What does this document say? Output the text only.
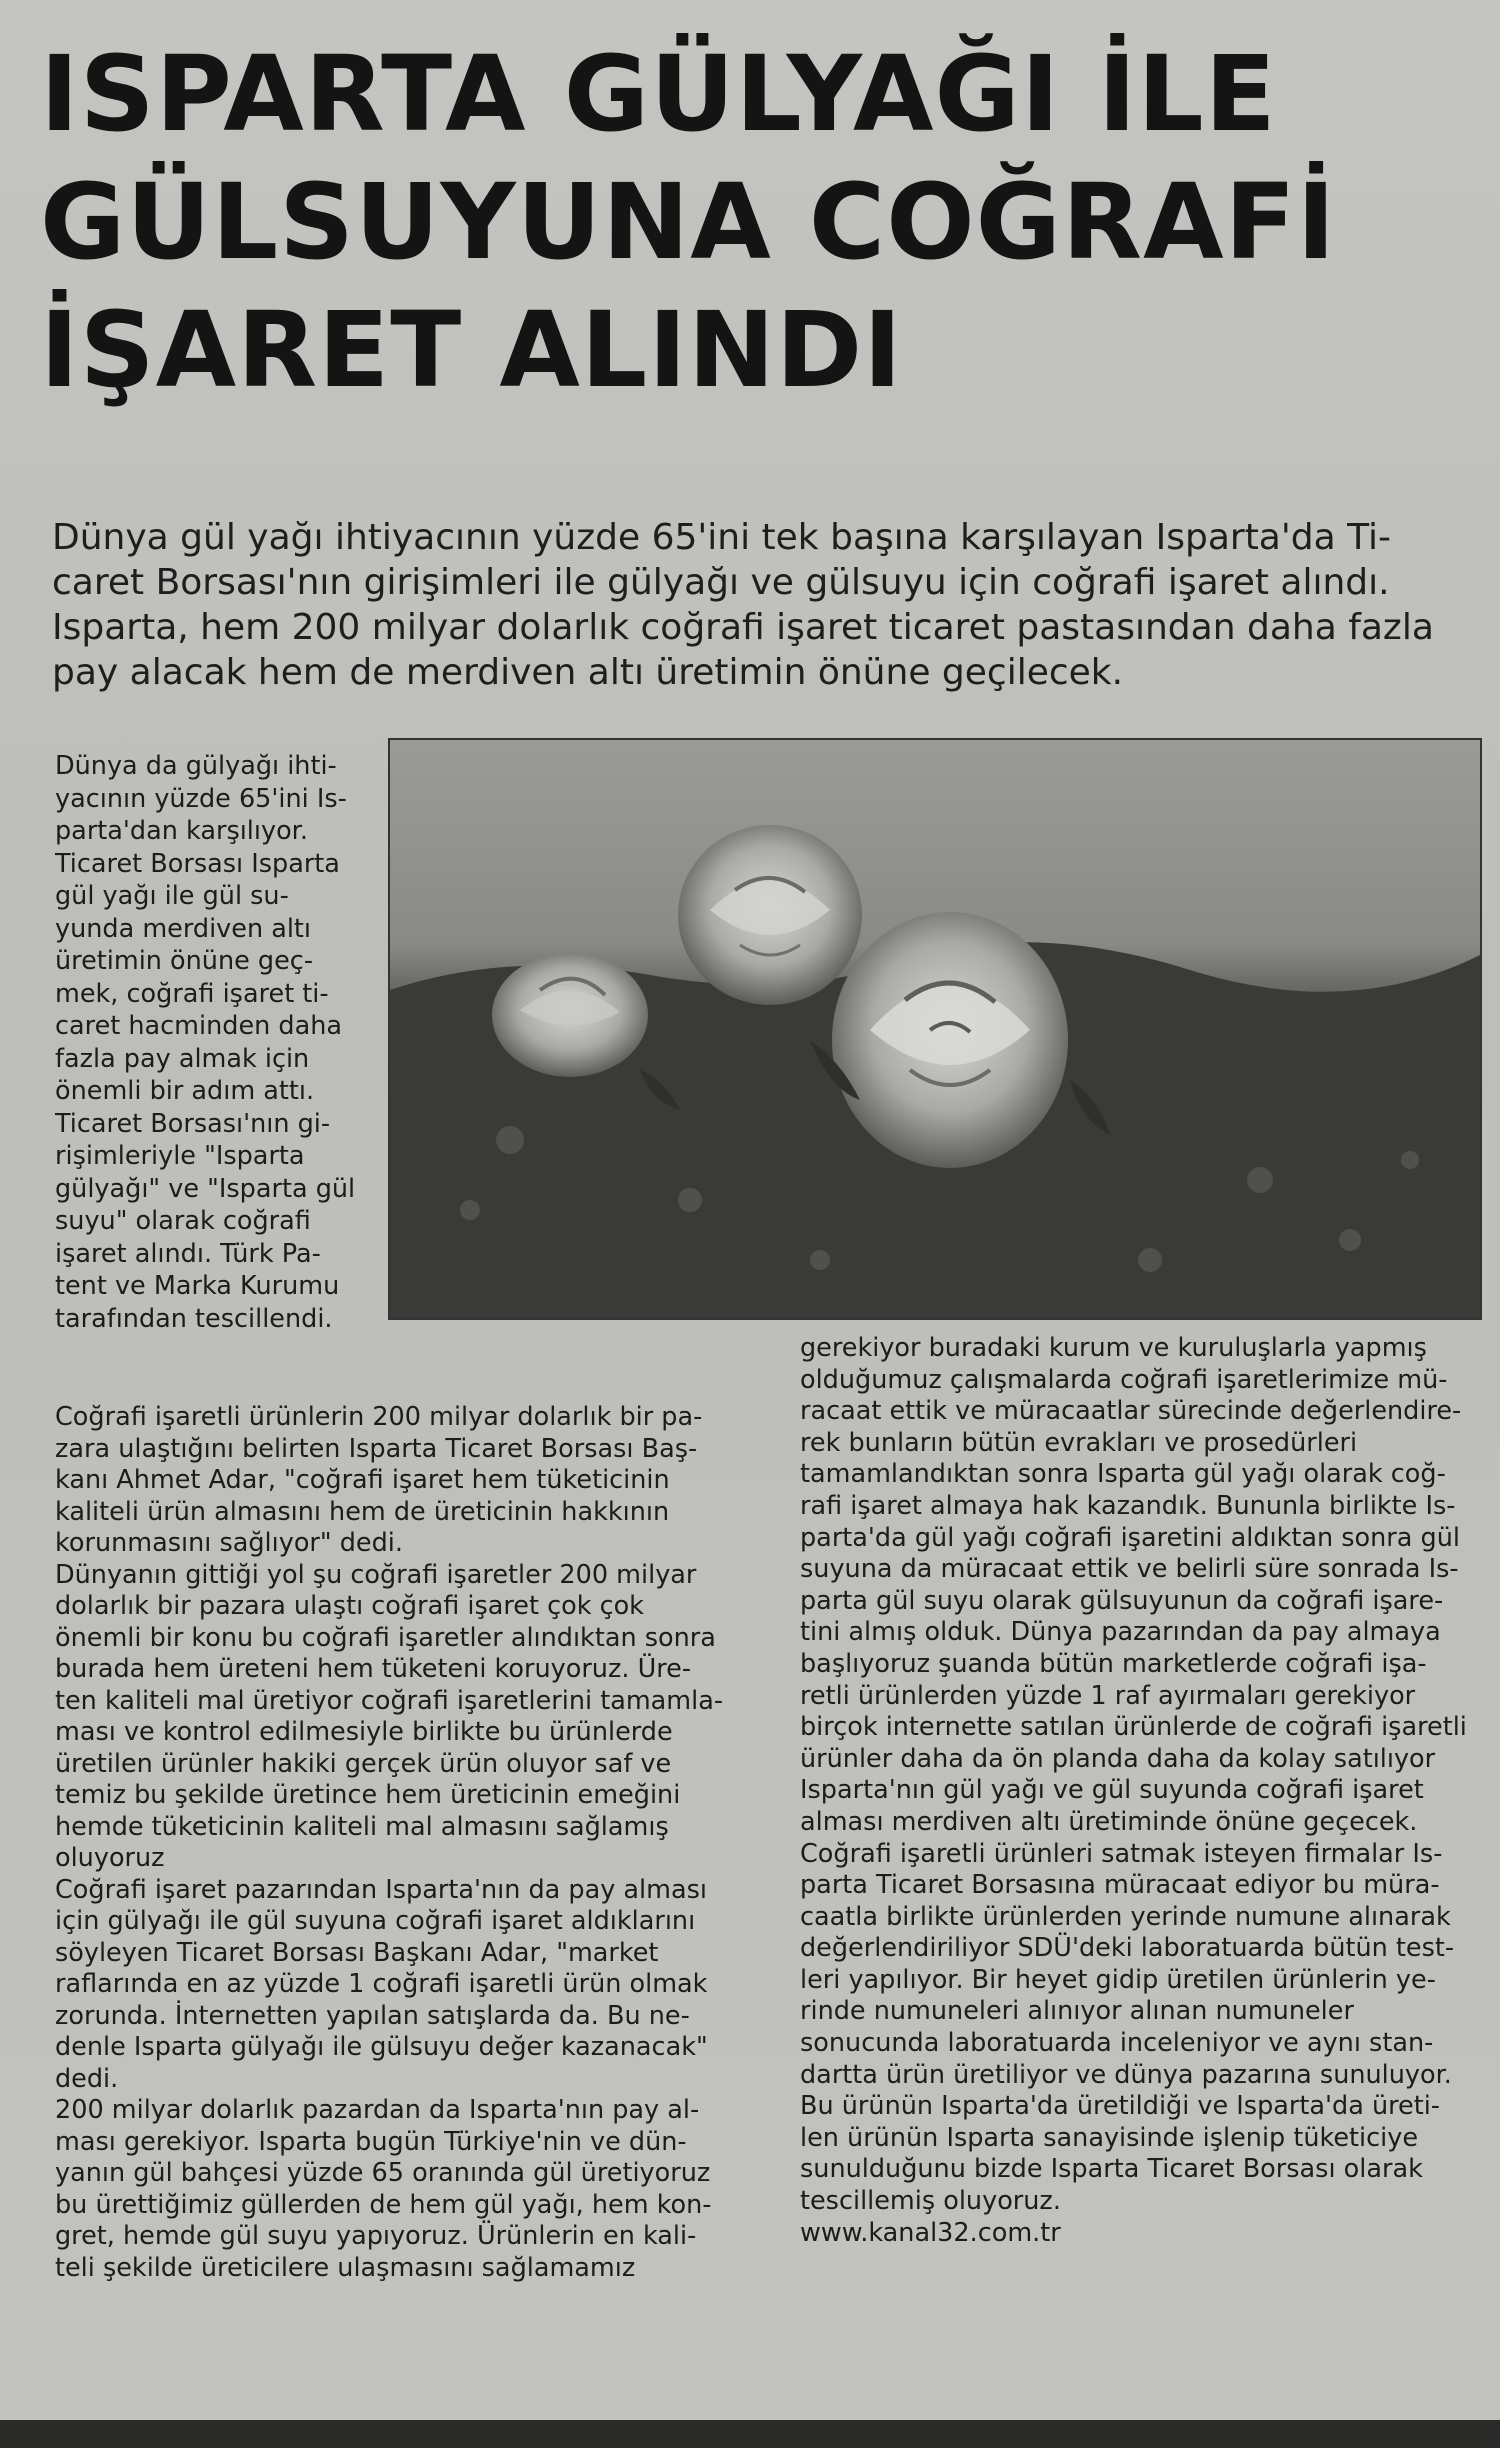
ISPARTA GÜLYAĞI İLE
GÜLSUYUNA COĞRAFİ
İŞARET ALINDI
Dünya gül yağı ihtiyacının yüzde 65'ini tek başına karşılayan Isparta'da Ti-
caret Borsası'nın girişimleri ile gülyağı ve gülsuyu için coğrafi işaret alındı.
Isparta, hem 200 milyar dolarlık coğrafi işaret ticaret pastasından daha fazla
pay alacak hem de merdiven altı üretimin önüne geçilecek.
Dünya da gülyağı ihti-
yacının yüzde 65'ini Is-
parta'dan karşılıyor.
Ticaret Borsası Isparta
gül yağı ile gül su-
yunda merdiven altı
üretimin önüne geç-
mek, coğrafi işaret ti-
caret hacminden daha
fazla pay almak için
önemli bir adım attı.
Ticaret Borsası'nın gi-
rişimleriyle "Isparta
gülyağı" ve "Isparta gül
suyu" olarak coğrafi
işaret alındı. Türk Pa-
tent ve Marka Kurumu
tarafından tescillendi.
Coğrafi işaretli ürünlerin 200 milyar dolarlık bir pa-
zara ulaştığını belirten Isparta Ticaret Borsası Baş-
kanı Ahmet Adar, "coğrafi işaret hem tüketicinin
kaliteli ürün almasını hem de üreticinin hakkının
korunmasını sağlıyor" dedi.
Dünyanın gittiği yol şu coğrafi işaretler 200 milyar
dolarlık bir pazara ulaştı coğrafi işaret çok çok
önemli bir konu bu coğrafi işaretler alındıktan sonra
burada hem üreteni hem tüketeni koruyoruz. Üre-
ten kaliteli mal üretiyor coğrafi işaretlerini tamamla-
ması ve kontrol edilmesiyle birlikte bu ürünlerde
üretilen ürünler hakiki gerçek ürün oluyor saf ve
temiz bu şekilde üretince hem üreticinin emeğini
hemde tüketicinin kaliteli mal almasını sağlamış
oluyoruz
Coğrafi işaret pazarından Isparta'nın da pay alması
için gülyağı ile gül suyuna coğrafi işaret aldıklarını
söyleyen Ticaret Borsası Başkanı Adar, "market
raflarında en az yüzde 1 coğrafi işaretli ürün olmak
zorunda. İnternetten yapılan satışlarda da. Bu ne-
denle Isparta gülyağı ile gülsuyu değer kazanacak"
dedi.
200 milyar dolarlık pazardan da Isparta'nın pay al-
ması gerekiyor. Isparta bugün Türkiye'nin ve dün-
yanın gül bahçesi yüzde 65 oranında gül üretiyoruz
bu ürettiğimiz güllerden de hem gül yağı, hem kon-
gret, hemde gül suyu yapıyoruz. Ürünlerin en kali-
teli şekilde üreticilere ulaşmasını sağlamamız
gerekiyor buradaki kurum ve kuruluşlarla yapmış
olduğumuz çalışmalarda coğrafi işaretlerimize mü-
racaat ettik ve müracaatlar sürecinde değerlendire-
rek bunların bütün evrakları ve prosedürleri
tamamlandıktan sonra Isparta gül yağı olarak coğ-
rafi işaret almaya hak kazandık. Bununla birlikte Is-
parta'da gül yağı coğrafi işaretini aldıktan sonra gül
suyuna da müracaat ettik ve belirli süre sonrada Is-
parta gül suyu olarak gülsuyunun da coğrafi işare-
tini almış olduk. Dünya pazarından da pay almaya
başlıyoruz şuanda bütün marketlerde coğrafi işa-
retli ürünlerden yüzde 1 raf ayırmaları gerekiyor
birçok internette satılan ürünlerde de coğrafi işaretli
ürünler daha da ön planda daha da kolay satılıyor
Isparta'nın gül yağı ve gül suyunda coğrafi işaret
alması merdiven altı üretiminde önüne geçecek.
Coğrafi işaretli ürünleri satmak isteyen firmalar Is-
parta Ticaret Borsasına müracaat ediyor bu müra-
caatla birlikte ürünlerden yerinde numune alınarak
değerlendiriliyor SDÜ'deki laboratuarda bütün test-
leri yapılıyor. Bir heyet gidip üretilen ürünlerin ye-
rinde numuneleri alınıyor alınan numuneler
sonucunda laboratuarda inceleniyor ve aynı stan-
dartta ürün üretiliyor ve dünya pazarına sunuluyor.
Bu ürünün Isparta'da üretildiği ve Isparta'da üreti-
len ürünün Isparta sanayisinde işlenip tüketiciye
sunulduğunu bizde Isparta Ticaret Borsası olarak
tescillemiş oluyoruz.
www.kanal32.com.tr
